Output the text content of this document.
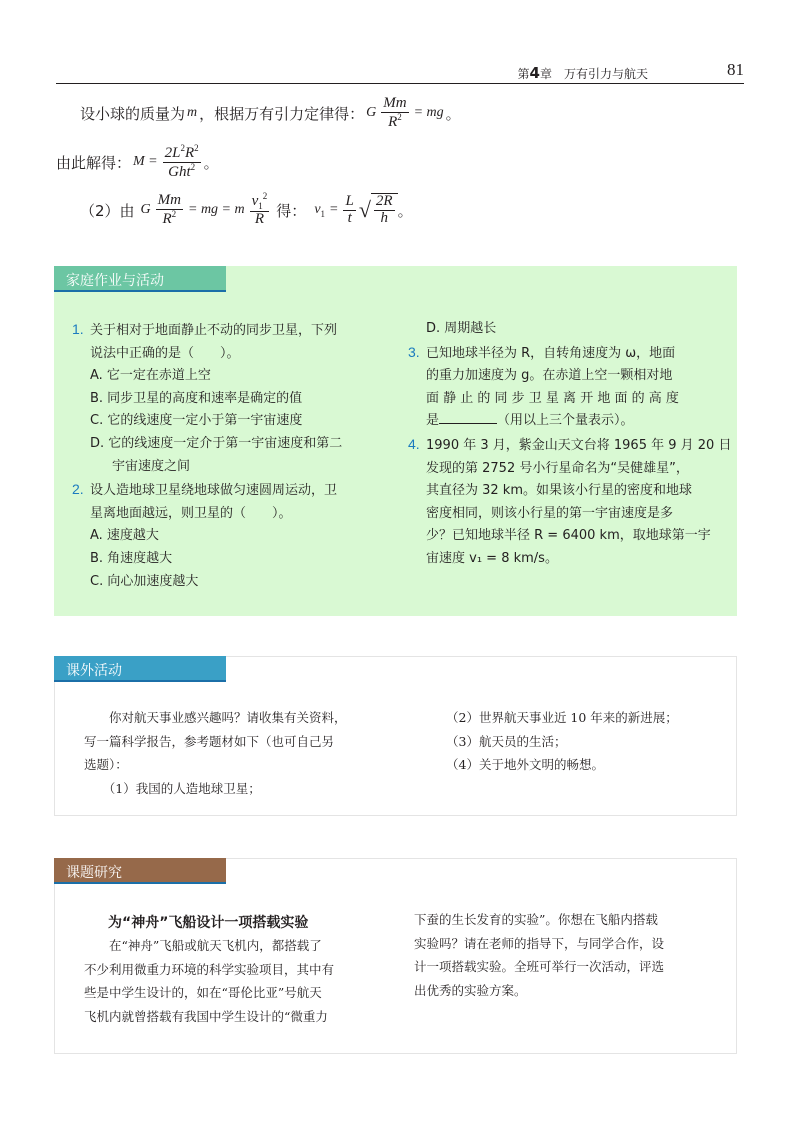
第4章　 万有引力与航天	81
设小球的质量为 m ，根据万有引力定律得： G $\frac{Mm}{R^2}$ = mg 。
由此解得： $M = \frac{2L^2R^2}{Ght^2}$ 。
（2）由 G $\frac{Mm}{R^2}$ = mg = m $\frac{v_1^2}{R}$ 得： $v_1 = \frac{L}{t}$ √ $\frac{2R}{h}$ 。
家庭作业与活动

1. 关于相对于地面静止不动的同步卫星，下列

说法中正确的是（　　）。

A. 它一定在赤道上空

B. 同步卫星的高度和速率是确定的值

C. 它的线速度一定小于第一宇宙速度

D. 它的线速度一定介于第一宇宙速度和第二

宇宙速度之间

2. 设人造地球卫星绕地球做匀速圆周运动，卫

星离地面越远，则卫星的（　　）。

A. 速度越大

B. 角速度越大

C. 向心加速度越大

D. 周期越长

3. 已知地球半径为 R，自转角速度为 ω，地面

的重力加速度为 g。在赤道上空一颗相对地

面 静 止 的 同 步 卫 星 离 开 地 面 的 高 度

是	（用以上三个量表示）。

4. 1990 年 3 月，紫金山天文台将 1965 年 9 月 20 日

发现的第 2752 号小行星命名为“吴健雄星”，

其直径为 32 km。如果该小行星的密度和地球

密度相同，则该小行星的第一宇宙速度是多

少？已知地球半径 R = 6400 km，取地球第一宇

宙速度 v₁ = 8 km/s。

课外活动

　　你对航天事业感兴趣吗？请收集有关资料，

写一篇科学报告，参考题材如下（也可自己另

选题）：

　　（1）我国的人造地球卫星；

（2）世界航天事业近 10 年来的新进展；

（3）航天员的生活；

（4）关于地外文明的畅想。

课题研究
为“神舟”飞船设计一项搭载实验

　　在“神舟”飞船或航天飞机内，都搭载了

不少利用微重力环境的科学实验项目，其中有

些是中学生设计的，如在“哥伦比亚”号航天

飞机内就曾搭载有我国中学生设计的“微重力

下蚕的生长发育的实验”。你想在飞船内搭载

实验吗？请在老师的指导下，与同学合作，设

计一项搭载实验。全班可举行一次活动，评选

出优秀的实验方案。
